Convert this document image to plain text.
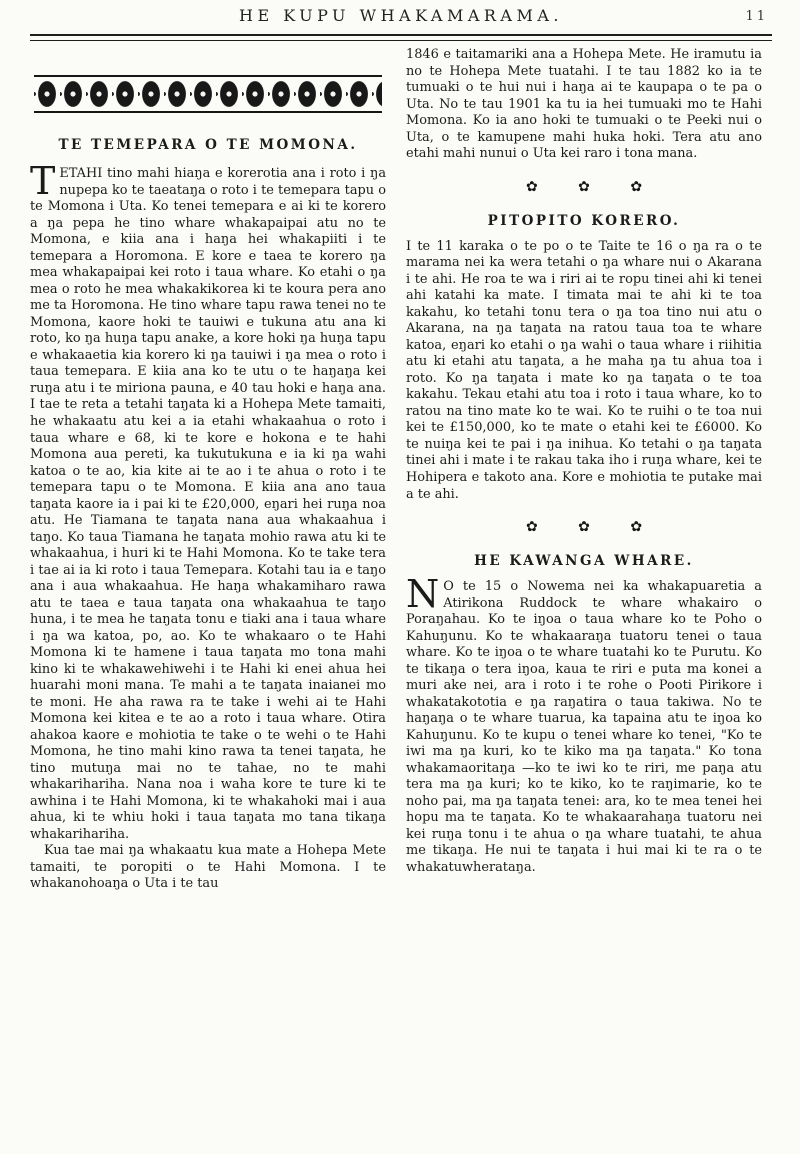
HE KUPU WHAKAMARAMA.	11
TE TEMEPARA O TE MOMONA.

TETAHI tino mahi hiaŋa e korerotia ana i roto i ŋa nupepa ko te taeataŋa o roto i te temepara tapu o te Momona i Uta. Ko tenei temepara e ai ki te korero a ŋa pepa he tino whare whakapaipai atu no te Momona, e kiia ana i haŋa hei whakapiiti i te temepara a Horomona. E kore e taea te korero ŋa mea whakapaipai kei roto i taua whare. Ko etahi o ŋa mea o roto he mea whakakikorea ki te koura pera ano me ta Horomona. He tino whare tapu rawa tenei no te Momona, kaore hoki te tauiwi e tukuna atu ana ki roto, ko ŋa huŋa tapu anake, a kore hoki ŋa huŋa tapu e whakaaetia kia korero ki ŋa tauiwi i ŋa mea o roto i taua temepara. E kiia ana ko te utu o te haŋaŋa kei ruŋa atu i te miriona pauna, e 40 tau hoki e haŋa ana. I tae te reta a tetahi taŋata ki a Hohepa Mete tamaiti, he whakaatu atu kei a ia etahi whakaahua o roto i taua whare e 68, ki te kore e hokona e te hahi Momona aua pereti, ka tukutukuna e ia ki ŋa wahi katoa o te ao, kia kite ai te ao i te ahua o roto i te temepara tapu o te Momona. E kiia ana ano taua taŋata kaore ia i pai ki te £20,000, eŋari hei ruŋa noa atu. He Tiamana te taŋata nana aua whakaahua i taŋo. Ko taua Tiamana he taŋata mohio rawa atu ki te whakaahua, i huri ki te Hahi Momona. Ko te take tera i tae ai ia ki roto i taua Temepara. Kotahi tau ia e taŋo ana i aua whakaahua. He haŋa whakamiharo rawa atu te taea e taua taŋata ona whakaahua te taŋo huna, i te mea he taŋata tonu e tiaki ana i taua whare i ŋa wa katoa, po, ao. Ko te whakaaro o te Hahi Momona ki te hamene i taua taŋata mo tona mahi kino ki te whakawehiwehi i te Hahi ki enei ahua hei huarahi moni mana. Te mahi a te taŋata inaianei mo te moni. He aha rawa ra te take i wehi ai te Hahi Momona kei kitea e te ao a roto i taua whare. Otira ahakoa kaore e mohiotia te take o te wehi o te Hahi Momona, he tino mahi kino rawa ta tenei taŋata, he tino mutuŋa mai no te tahae, no te mahi whakarihariha. Nana noa i waha kore te ture ki te awhina i te Hahi Momona, ki te whakahoki mai i aua ahua, ki te whiu hoki i taua taŋata mo tana tikaŋa whakarihariha.

Kua tae mai ŋa whakaatu kua mate a Hohepa Mete tamaiti, te poropiti o te Hahi Momona. I te whakanohoaŋa o Uta i te tau

1846 e taitamariki ana a Hohepa Mete. He iramutu ia no te Hohepa Mete tuatahi. I te tau 1882 ko ia te tumuaki o te hui nui i haŋa ai te kaupapa o te pa o Uta. No te tau 1901 ka tu ia hei tumuaki mo te Hahi Momona. Ko ia ano hoki te tumuaki o te Peeki nui o Uta, o te kamupene mahi huka hoki. Tera atu ano etahi mahi nunui o Uta kei raro i tona mana.

✿ ✿ ✿
PITOPITO KORERO.

I te 11 karaka o te po o te Taite te 16 o ŋa ra o te marama nei ka wera tetahi o ŋa whare nui o Akarana i te ahi. He roa te wa i riri ai te ropu tinei ahi ki tenei ahi katahi ka mate. I timata mai te ahi ki te toa kakahu, ko tetahi tonu tera o ŋa toa tino nui atu o Akarana, na ŋa taŋata na ratou taua toa te whare katoa, eŋari ko etahi o ŋa wahi o taua whare i riihitia atu ki etahi atu taŋata, a he maha ŋa tu ahua toa i roto. Ko ŋa taŋata i mate ko ŋa taŋata o te toa kakahu. Tekau etahi atu toa i roto i taua whare, ko to ratou na tino mate ko te wai. Ko te ruihi o te toa nui kei te £150,000, ko te mate o etahi kei te £6000. Ko te nuiŋa kei te pai i ŋa inihua. Ko tetahi o ŋa taŋata tinei ahi i mate i te rakau taka iho i ruŋa whare, kei te Hohipera e takoto ana. Kore e mohiotia te putake mai a te ahi.

✿ ✿ ✿
HE KAWANGA WHARE.

N O te 15 o Nowema nei ka whakapuaretia a Atirikona Ruddock te whare whakairo o Poraŋahau. Ko te iŋoa o taua whare ko te Poho o Kahuŋunu. Ko te whakaaraŋa tuatoru tenei o taua whare. Ko te iŋoa o te whare tuatahi ko te Purutu. Ko te tikaŋa o tera iŋoa, kaua te riri e puta ma konei a muri ake nei, ara i roto i te rohe o Pooti Pirikore i whakatakototia e ŋa raŋatira o taua takiwa. No te haŋaŋa o te whare tuarua, ka tapaina atu te iŋoa ko Kahuŋunu. Ko te kupu o tenei whare ko tenei, "Ko te iwi ma ŋa kuri, ko te kiko ma ŋa taŋata." Ko tona whakamaoritaŋa —ko te iwi ko te riri, me paŋa atu tera ma ŋa kuri; ko te kiko, ko te raŋimarie, ko te noho pai, ma ŋa taŋata tenei: ara, ko te mea tenei hei hopu ma te taŋata. Ko te whakaarahaŋa tuatoru nei kei ruŋa tonu i te ahua o ŋa whare tuatahi, te ahua me tikaŋa. He nui te taŋata i hui mai ki te ra o te whakatuwherataŋa.
